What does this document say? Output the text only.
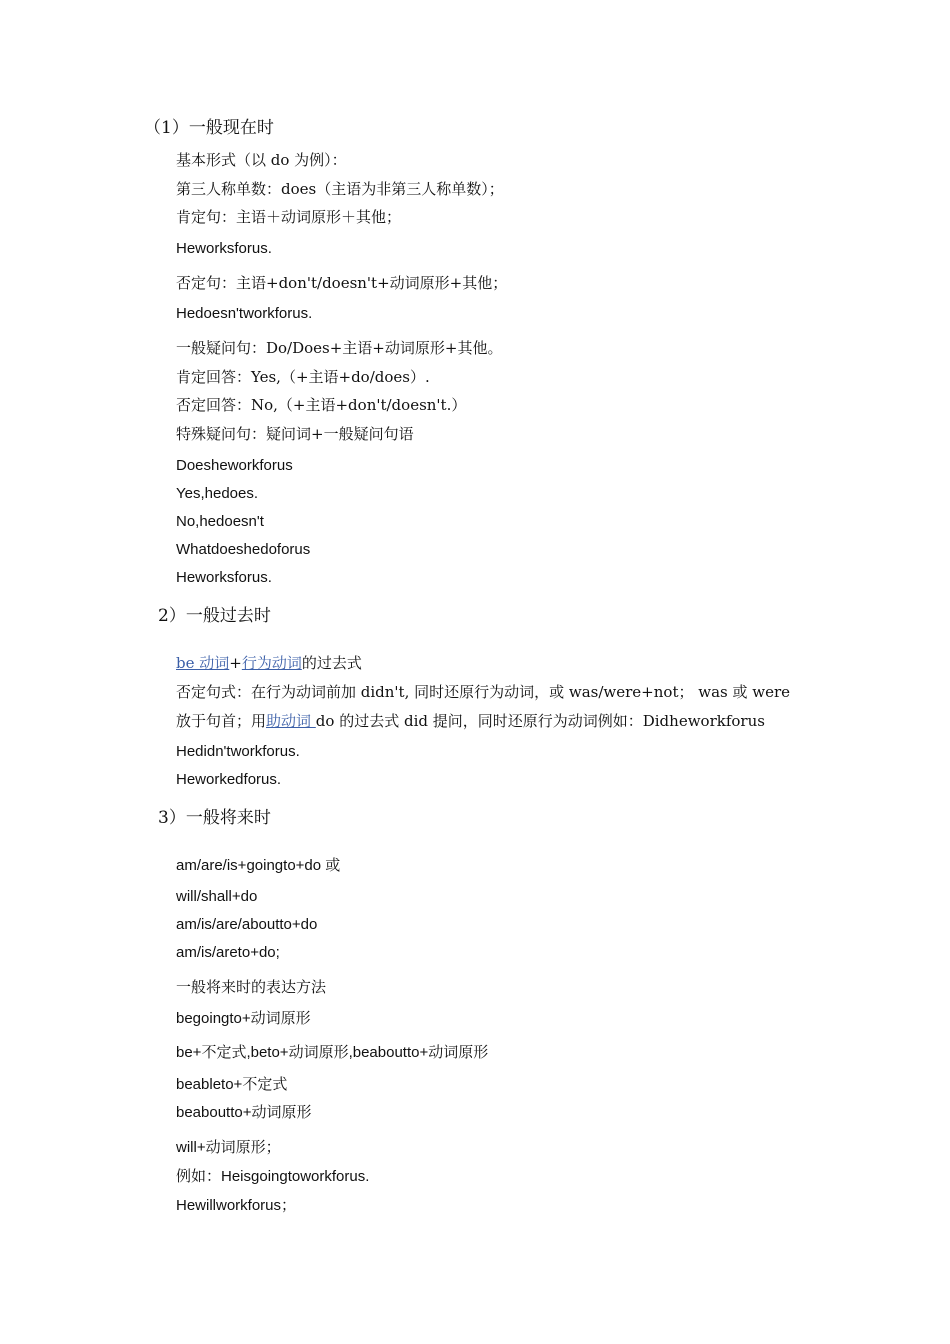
（1）一般现在时
基本形式（以 do 为例）：
第三人称单数：does（主语为非第三人称单数）；
肯定句：主语＋动词原形＋其他；
Heworksforus.
否定句：主语+don't/doesn't+动词原形+其他；
Hedoesn'tworkforus.
一般疑问句：Do/Does+主语+动词原形+其他。
肯定回答：Yes,（+主语+do/does）.
否定回答：No,（+主语+don't/doesn't.）
特殊疑问句：疑问词+一般疑问句语
Doesheworkforus
Yes,hedoes.
No,hedoesn't
Whatdoeshedoforus
Heworksforus.
2）一般过去时
be 动词+行为动词的过去式
否定句式：在行为动词前加 didn't, 同时还原行为动词，或 was/were+not； was 或 were
放于句首；用助动词 do 的过去式 did 提问，同时还原行为动词例如：Didheworkforus
Hedidn'tworkforus.
Heworkedforus.
3）一般将来时
am/are/is+goingto+do 或
will/shall+do
am/is/are/aboutto+do
am/is/areto+do;
一般将来时的表达方法
begoingto+动词原形
be+不定式,beto+动词原形,beaboutto+动词原形
beableto+不定式
beaboutto+动词原形
will+动词原形；
例如：Heisgoingtoworkforus.
Hewillworkforus；
